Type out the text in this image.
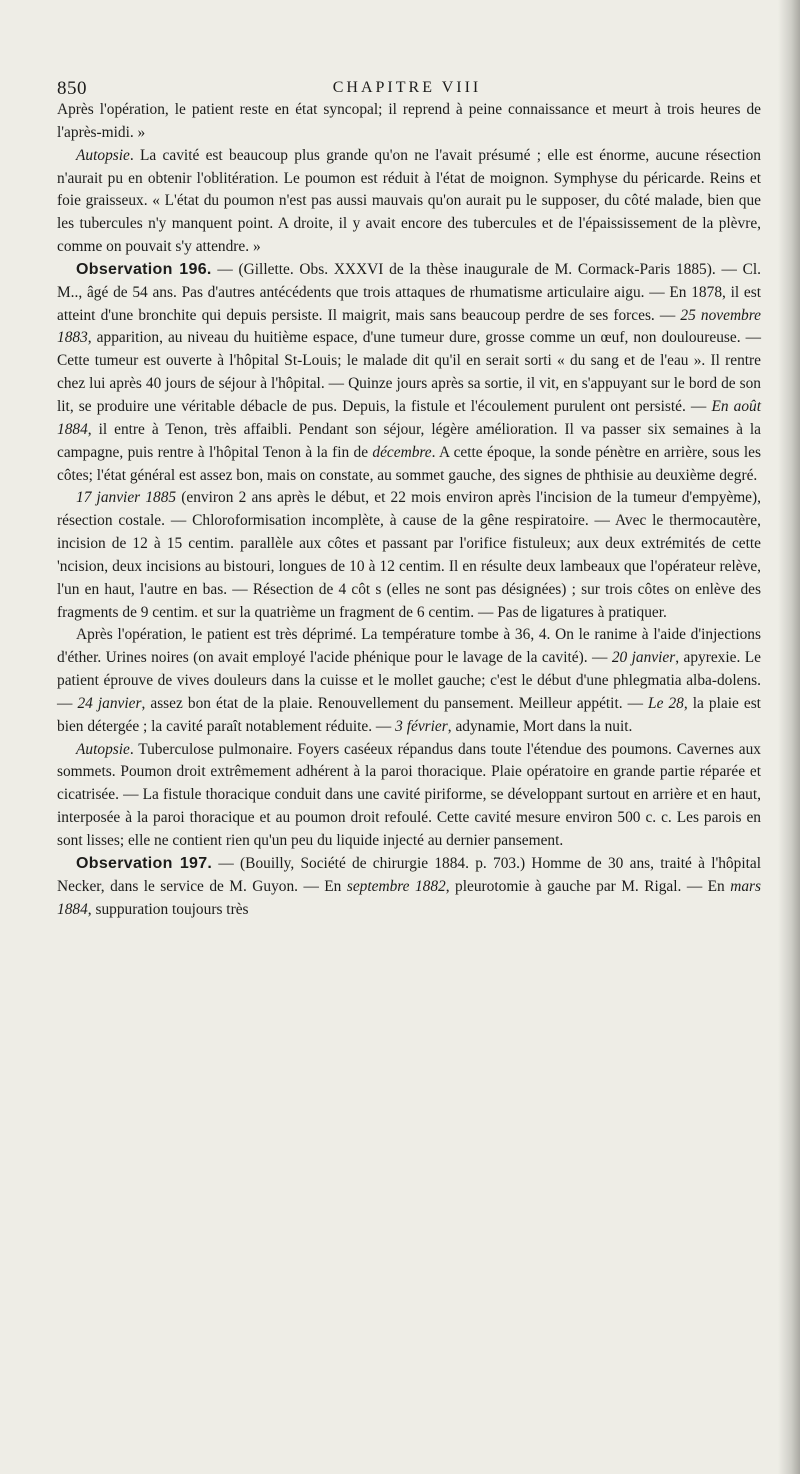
850	CHAPITRE VIII

Après l'opération, le patient reste en état syncopal; il reprend à peine connaissance et meurt à trois heures de l'après-midi. »

Autopsie. La cavité est beaucoup plus grande qu'on ne l'avait présumé ; elle est énorme, aucune résection n'aurait pu en obtenir l'oblitération. Le poumon est réduit à l'état de moignon. Symphyse du péricarde. Reins et foie graisseux. « L'état du poumon n'est pas aussi mauvais qu'on aurait pu le supposer, du côté malade, bien que les tubercules n'y manquent point. A droite, il y avait encore des tubercules et de l'épaississement de la plèvre, comme on pouvait s'y attendre. »

Observation 196. — (Gillette. Obs. XXXVI de la thèse inaugurale de M. Cormack-Paris 1885). — Cl. M.., âgé de 54 ans. Pas d'autres antécédents que trois attaques de rhumatisme articulaire aigu. — En 1878, il est atteint d'une bronchite qui depuis persiste. Il maigrit, mais sans beaucoup perdre de ses forces. — 25 novembre 1883, apparition, au niveau du huitième espace, d'une tumeur dure, grosse comme un œuf, non douloureuse. — Cette tumeur est ouverte à l'hôpital St-Louis; le malade dit qu'il en serait sorti « du sang et de l'eau ». Il rentre chez lui après 40 jours de séjour à l'hôpital. — Quinze jours après sa sortie, il vit, en s'appuyant sur le bord de son lit, se produire une véritable débacle de pus. Depuis, la fistule et l'écoulement purulent ont persisté. — En août 1884, il entre à Tenon, très affaibli. Pendant son séjour, légère amélioration. Il va passer six semaines à la campagne, puis rentre à l'hôpital Tenon à la fin de décembre. A cette époque, la sonde pénètre en arrière, sous les côtes; l'état général est assez bon, mais on constate, au sommet gauche, des signes de phthisie au deuxième degré.

17 janvier 1885 (environ 2 ans après le début, et 22 mois environ après l'incision de la tumeur d'empyème), résection costale. — Chloroformisation incomplète, à cause de la gêne respiratoire. — Avec le thermocautère, incision de 12 à 15 centim. parallèle aux côtes et passant par l'orifice fistuleux; aux deux extrémités de cette 'ncision, deux incisions au bistouri, longues de 10 à 12 centim. Il en résulte deux lambeaux que l'opérateur relève, l'un en haut, l'autre en bas. — Résection de 4 côt s (elles ne sont pas désignées) ; sur trois côtes on enlève des fragments de 9 centim. et sur la quatrième un fragment de 6 centim. — Pas de ligatures à pratiquer.

Après l'opération, le patient est très déprimé. La température tombe à 36, 4. On le ranime à l'aide d'injections d'éther. Urines noires (on avait employé l'acide phénique pour le lavage de la cavité). — 20 janvier, apyrexie. Le patient éprouve de vives douleurs dans la cuisse et le mollet gauche; c'est le début d'une phlegmatia alba-dolens. — 24 janvier, assez bon état de la plaie. Renouvellement du pansement. Meilleur appétit. — Le 28, la plaie est bien détergée ; la cavité paraît notablement réduite. — 3 février, adynamie, Mort dans la nuit.

Autopsie. Tuberculose pulmonaire. Foyers caséeux répandus dans toute l'étendue des poumons. Cavernes aux sommets. Poumon droit extrêmement adhérent à la paroi thoracique. Plaie opératoire en grande partie réparée et cicatrisée. — La fistule thoracique conduit dans une cavité piriforme, se développant surtout en arrière et en haut, interposée à la paroi thoracique et au poumon droit refoulé. Cette cavité mesure environ 500 c. c. Les parois en sont lisses; elle ne contient rien qu'un peu du liquide injecté au dernier pansement.

Observation 197. — (Bouilly, Société de chirurgie 1884. p. 703.) Homme de 30 ans, traité à l'hôpital Necker, dans le service de M. Guyon. — En septembre 1882, pleurotomie à gauche par M. Rigal. — En mars 1884, suppuration toujours très
